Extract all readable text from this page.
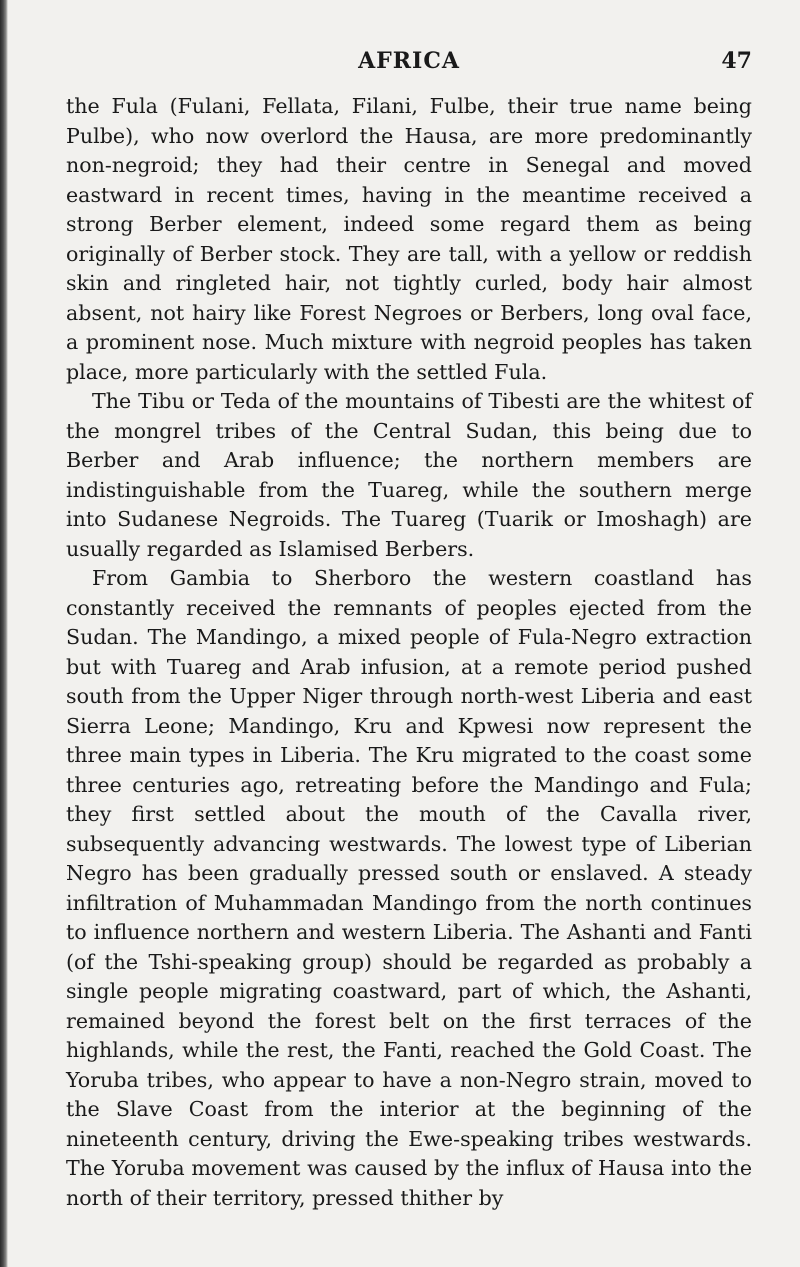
AFRICA	47

the Fula (Fulani, Fellata, Filani, Fulbe, their true name being Pulbe), who now overlord the Hausa, are more predominantly non-negroid; they had their centre in Senegal and moved eastward in recent times, having in the meantime received a strong Berber element, indeed some regard them as being originally of Berber stock. They are tall, with a yellow or reddish skin and ringleted hair, not tightly curled, body hair almost absent, not hairy like Forest Negroes or Berbers, long oval face, a prominent nose. Much mixture with negroid peoples has taken place, more particularly with the settled Fula.

The Tibu or Teda of the mountains of Tibesti are the whitest of the mongrel tribes of the Central Sudan, this being due to Berber and Arab influence; the northern members are indistinguishable from the Tuareg, while the southern merge into Sudanese Negroids. The Tuareg (Tuarik or Imoshagh) are usually regarded as Islamised Berbers.

From Gambia to Sherboro the western coastland has constantly received the remnants of peoples ejected from the Sudan. The Mandingo, a mixed people of Fula-Negro extraction but with Tuareg and Arab infusion, at a remote period pushed south from the Upper Niger through north-west Liberia and east Sierra Leone; Mandingo, Kru and Kpwesi now represent the three main types in Liberia. The Kru migrated to the coast some three centuries ago, retreating before the Mandingo and Fula; they first settled about the mouth of the Cavalla river, subsequently advancing westwards. The lowest type of Liberian Negro has been gradually pressed south or enslaved. A steady infiltration of Muhammadan Mandingo from the north continues to influence northern and western Liberia. The Ashanti and Fanti (of the Tshi-speaking group) should be regarded as probably a single people migrating coastward, part of which, the Ashanti, remained beyond the forest belt on the first terraces of the highlands, while the rest, the Fanti, reached the Gold Coast. The Yoruba tribes, who appear to have a non-Negro strain, moved to the Slave Coast from the interior at the beginning of the nineteenth century, driving the Ewe-speaking tribes westwards. The Yoruba movement was caused by the influx of Hausa into the north of their territory, pressed thither by
